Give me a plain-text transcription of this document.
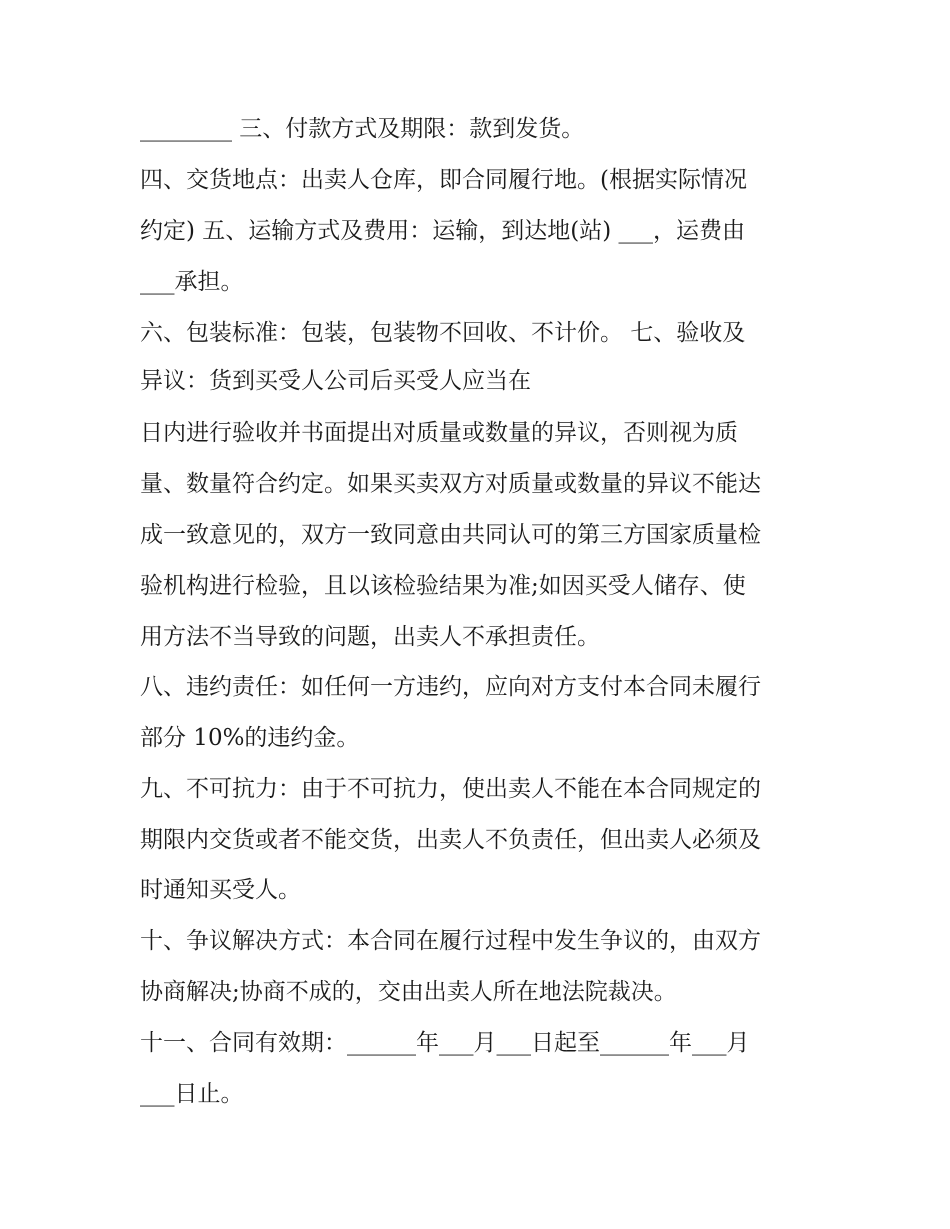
________ 三、付款方式及期限：款到发货。
四、交货地点：出卖人仓库，即合同履行地。(根据实际情况
约定) 五、运输方式及费用：运输，到达地(站) ___，运费由
___承担。
六、包装标准：包装，包装物不回收、不计价。 七、验收及
异议：货到买受人公司后买受人应当在
日内进行验收并书面提出对质量或数量的异议，否则视为质
量、数量符合约定。如果买卖双方对质量或数量的异议不能达
成一致意见的，双方一致同意由共同认可的第三方国家质量检
验机构进行检验，且以该检验结果为准;如因买受人储存、使
用方法不当导致的问题，出卖人不承担责任。
八、违约责任：如任何一方违约，应向对方支付本合同未履行
部分 10%的违约金。
九、不可抗力：由于不可抗力，使出卖人不能在本合同规定的
期限内交货或者不能交货，出卖人不负责任，但出卖人必须及
时通知买受人。
十、争议解决方式：本合同在履行过程中发生争议的，由双方
协商解决;协商不成的，交由出卖人所在地法院裁决。
十一、合同有效期：______年___月___日起至______年___月
___日止。
